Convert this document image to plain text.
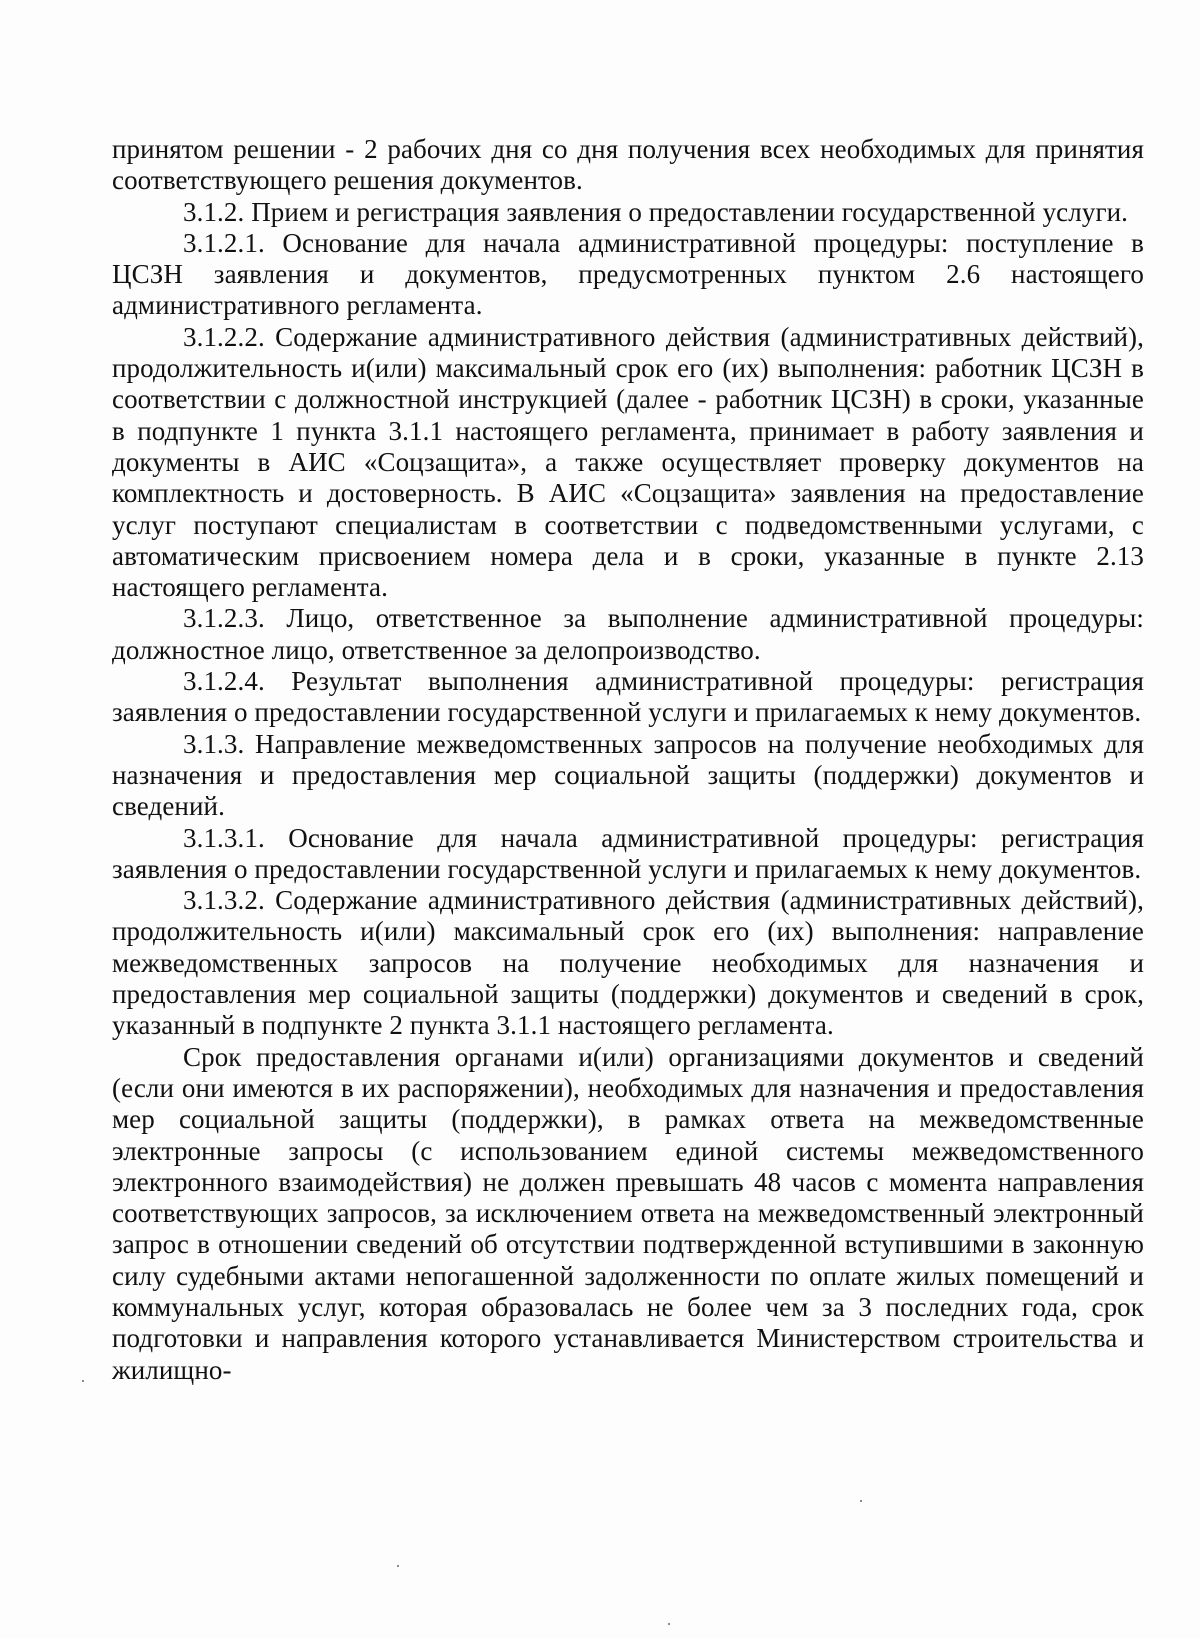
принятом решении - 2 рабочих дня со дня получения всех необходимых для принятия соответствующего решения документов.

3.1.2. Прием и регистрация заявления о предоставлении государственной услуги.

3.1.2.1. Основание для начала административной процедуры: поступление в ЦСЗН заявления и документов, предусмотренных пунктом 2.6 настоящего административного регламента.

3.1.2.2. Содержание административного действия (административных действий), продолжительность и(или) максимальный срок его (их) выполнения: работник ЦСЗН в соответствии с должностной инструкцией (далее - работник ЦСЗН) в сроки, указанные в подпункте 1 пункта 3.1.1 настоящего регламента, принимает в работу заявления и документы в АИС «Соцзащита», а также осуществляет проверку документов на комплектность и достоверность. В АИС «Соцзащита» заявления на предоставление услуг поступают специалистам в соответствии с подведомственными услугами, с автоматическим присвоением номера дела и в сроки, указанные в пункте 2.13 настоящего регламента.

3.1.2.3. Лицо, ответственное за выполнение административной процедуры: должностное лицо, ответственное за делопроизводство.

3.1.2.4. Результат выполнения административной процедуры: регистрация заявления о предоставлении государственной услуги и прилагаемых к нему документов.

3.1.3. Направление межведомственных запросов на получение необходимых для назначения и предоставления мер социальной защиты (поддержки) документов и сведений.

3.1.3.1. Основание для начала административной процедуры: регистрация заявления о предоставлении государственной услуги и прилагаемых к нему документов.

3.1.3.2. Содержание административного действия (административных действий), продолжительность и(или) максимальный срок его (их) выполнения: направление межведомственных запросов на получение необходимых для назначения и предоставления мер социальной защиты (поддержки) документов и сведений в срок, указанный в подпункте 2 пункта 3.1.1 настоящего регламента.

Срок предоставления органами и(или) организациями документов и сведений (если они имеются в их распоряжении), необходимых для назначения и предоставления мер социальной защиты (поддержки), в рамках ответа на межведомственные электронные запросы (с использованием единой системы межведомственного электронного взаимодействия) не должен превышать 48 часов с момента направления соответствующих запросов, за исключением ответа на межведомственный электронный запрос в отношении сведений об отсутствии подтвержденной вступившими в законную силу судебными актами непогашенной задолженности по оплате жилых помещений и коммунальных услуг, которая образовалась не более чем за 3 последних года, срок подготовки и направления которого устанавливается Министерством строительства и жилищно-
